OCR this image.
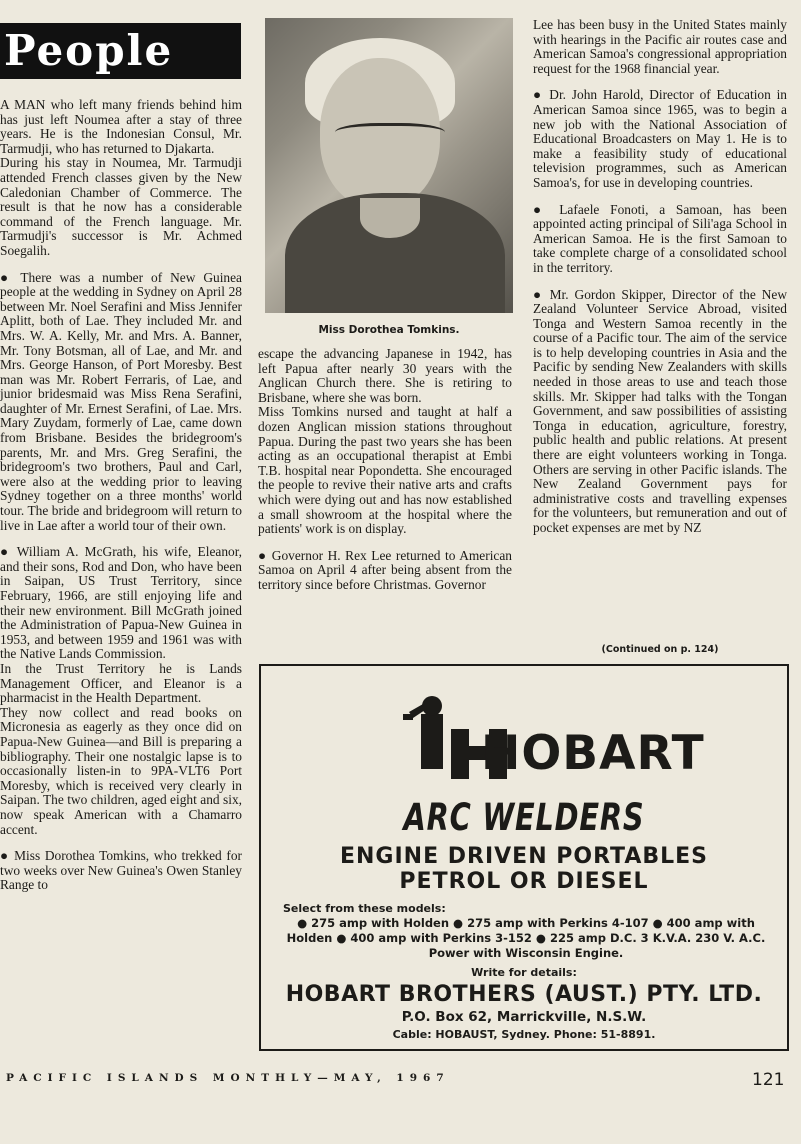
People

A MAN who left many friends behind him has just left Noumea after a stay of three years. He is the Indonesian Consul, Mr. Tarmudji, who has returned to Djakarta.

During his stay in Noumea, Mr. Tarmudji attended French classes given by the New Caledonian Chamber of Commerce. The result is that he now has a considerable command of the French language. Mr. Tarmudji's successor is Mr. Achmed Soegalih.

● There was a number of New Guinea people at the wedding in Sydney on April 28 between Mr. Noel Serafini and Miss Jennifer Aplitt, both of Lae. They included Mr. and Mrs. W. A. Kelly, Mr. and Mrs. A. Banner, Mr. Tony Botsman, all of Lae, and Mr. and Mrs. George Hanson, of Port Moresby. Best man was Mr. Robert Ferraris, of Lae, and junior bridesmaid was Miss Rena Serafini, daughter of Mr. Ernest Serafini, of Lae. Mrs. Mary Zuydam, formerly of Lae, came down from Brisbane. Besides the bridegroom's parents, Mr. and Mrs. Greg Serafini, the bridegroom's two brothers, Paul and Carl, were also at the wedding prior to leaving Sydney together on a three months' world tour. The bride and bridegroom will return to live in Lae after a world tour of their own.

● William A. McGrath, his wife, Eleanor, and their sons, Rod and Don, who have been in Saipan, US Trust Territory, since February, 1966, are still enjoying life and their new environment. Bill McGrath joined the Administration of Papua-New Guinea in 1953, and between 1959 and 1961 was with the Native Lands Commission.

In the Trust Territory he is Lands Management Officer, and Eleanor is a pharmacist in the Health Department.

They now collect and read books on Micronesia as eagerly as they once did on Papua-New Guinea—and Bill is preparing a bibliography. Their one nostalgic lapse is to occasionally listen-in to 9PA-VLT6 Port Moresby, which is received very clearly in Saipan. The two children, aged eight and six, now speak American with a Chamarro accent.

● Miss Dorothea Tomkins, who trekked for two weeks over New Guinea's Owen Stanley Range to

Miss Dorothea Tomkins.

escape the advancing Japanese in 1942, has left Papua after nearly 30 years with the Anglican Church there. She is retiring to Brisbane, where she was born.

Miss Tomkins nursed and taught at half a dozen Anglican mission stations throughout Papua. During the past two years she has been acting as an occupational therapist at Embi T.B. hospital near Popondetta. She encouraged the people to revive their native arts and crafts which were dying out and has now established a small showroom at the hospital where the patients' work is on display.

● Governor H. Rex Lee returned to American Samoa on April 4 after being absent from the territory since before Christmas. Governor

Lee has been busy in the United States mainly with hearings in the Pacific air routes case and American Samoa's congressional appropriation request for the 1968 financial year.

● Dr. John Harold, Director of Education in American Samoa since 1965, was to begin a new job with the National Association of Educational Broadcasters on May 1. He is to make a feasibility study of educational television programmes, such as American Samoa's, for use in developing countries.

● Lafaele Fonoti, a Samoan, has been appointed acting principal of Sili'aga School in American Samoa. He is the first Samoan to take complete charge of a consolidated school in the territory.

● Mr. Gordon Skipper, Director of the New Zealand Volunteer Service Abroad, visited Tonga and Western Samoa recently in the course of a Pacific tour. The aim of the service is to help developing countries in Asia and the Pacific by sending New Zealanders with skills needed in those areas to use and teach those skills. Mr. Skipper had talks with the Tongan Government, and saw possibilities of assisting Tonga in education, agriculture, forestry, public health and public relations. At present there are eight volunteers working in Tonga. Others are serving in other Pacific islands. The New Zealand Government pays for administrative costs and travelling expenses for the volunteers, but remuneration and out of pocket expenses are met by NZ

(Continued on p. 124)
HOBART
ARC WELDERS
ENGINE DRIVEN PORTABLES
PETROL OR DIESEL
Select from these models:
● 275 amp with Holden ● 275 amp with Perkins 4-107 ● 400 amp with Holden ● 400 amp with Perkins 3-152 ● 225 amp D.C. 3 K.V.A. 230 V. A.C. Power with Wisconsin Engine.
Write for details:
HOBART BROTHERS (AUST.) PTY. LTD.
P.O. Box 62, Marrickville, N.S.W.
Cable: HOBAUST, Sydney. Phone: 51-8891.
PACIFIC ISLANDS MONTHLY—MAY, 1967	121
